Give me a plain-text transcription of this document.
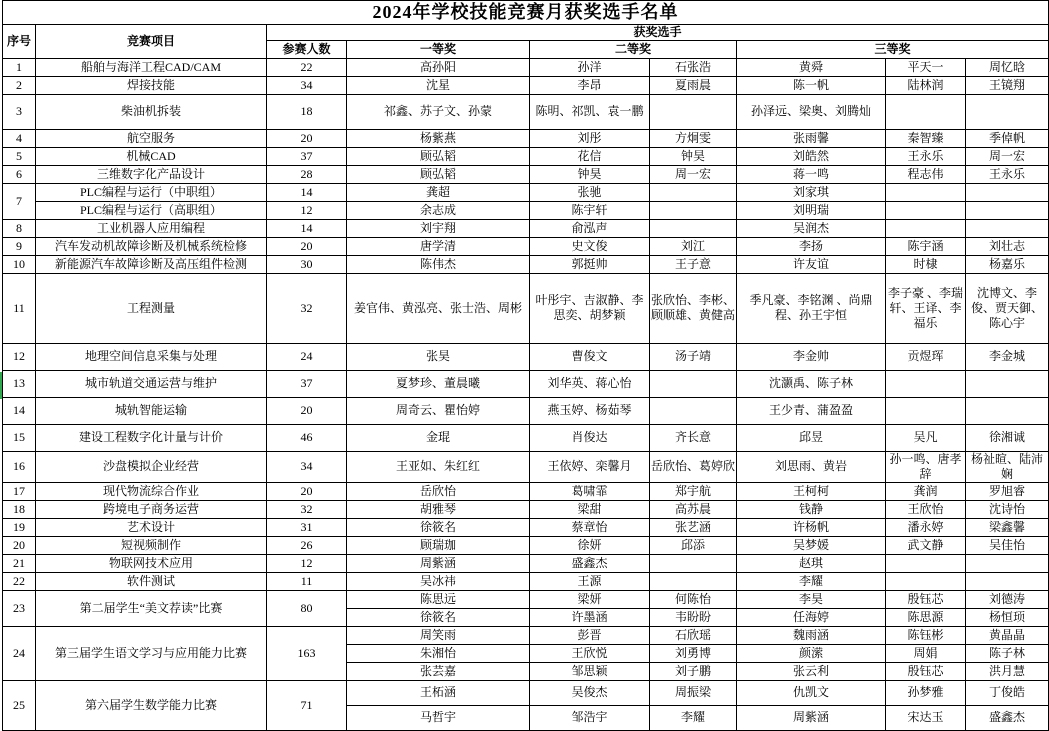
2024年学校技能竞赛月获奖选手名单								
序号	竞赛项目	获奖选手						
		参赛人数	一等奖	二等奖		三等奖		
1	船舶与海洋工程CAD/CAM	22	高孙阳	孙洋	石张浩	黄舜	平天一	周忆晗
2	焊接技能	34	沈星	李昂	夏雨晨	陈一帆	陆林润	王镜翔
3	柴油机拆装	18	祁鑫、苏子文、孙蒙	陈明、祁凯、袁一鹏		孙泽远、梁奥、刘腾灿		
4	航空服务	20	杨紫燕	刘彤	方炯雯	张雨馨	秦智臻	季倬帆
5	机械CAD	37	顾弘韬	花信	钟昊	刘皓然	王永乐	周一宏
6	三维数字化产品设计	28	顾弘韬	钟昊	周一宏	蒋一鸣	程志伟	王永乐
7	PLC编程与运行（中职组）	14	龚超	张驰		刘家琪		
	PLC编程与运行（高职组）	12	余志成	陈宇轩		刘明瑞		
8	工业机器人应用编程	14	刘宇翔	俞泓声		吴润杰		
9	汽车发动机故障诊断及机械系统检修	20	唐学清	史文俊	刘江	李扬	陈宇涵	刘壮志
10	新能源汽车故障诊断及高压组件检测	30	陈伟杰	郭挺帅	王子意	许友谊	时棣	杨嘉乐
11	工程测量	32	姜官伟、黄泓亮、张士浩、周彬	叶彤宇、吉淑静、李思奕、胡梦颖	张欣怡、李彬、顾顺雄、黄健高	季凡豪、李铭渊 、尚鼎程、孙王宇恒	李子豪 、李瑞轩、王译、李福乐	沈博文、李俊、贾天御、陈心宇
12	地理空间信息采集与处理	24	张昊	曹俊文	汤子靖	李金帅	贡煜珲	李金城
13	城市轨道交通运营与维护	37	夏梦珍、董晨曦	刘华英、蒋心怡		沈灏禹、陈子林		
14	城轨智能运输	20	周奇云、瞿怡婷	燕玉婷、杨茹琴		王少青、蒲盈盈		
15	建设工程数字化计量与计价	46	金琨	肖俊达	齐长意	邱昱	吴凡	徐湘诚
16	沙盘模拟企业经营	34	王亚如、朱红红	王依婷、栾馨月	岳欣怡、葛婷欣	刘思雨、黄岩	孙一鸣、唐孝辞	杨祉暄、陆沛娴
17	现代物流综合作业	20	岳欣怡	葛啸霏	郑宇航	王柯柯	龚润	罗旭睿
18	跨境电子商务运营	32	胡雅琴	梁甜	高苏晨	钱静	王欣怡	沈诗怡
19	艺术设计	31	徐筱名	蔡章怡	张艺涵	许杨帆	潘永婷	梁鑫馨
20	短视频制作	26	顾瑞珈	徐妍	邱添	吴梦媛	武文静	吴佳怡
21	物联网技术应用	12	周紫涵	盛鑫杰		赵琪		
22	软件测试	11	吴冰祎	王源		李耀		
23	第二届学生“美文荐读”比赛	80	陈思远	梁妍	何陈怡	李昊	殷钰芯	刘德涛
			徐筱名	许墨涵	韦盼盼	任海婷	陈思源	杨恒顼
24	第三届学生语文学习与应用能力比赛	163	周笑雨	彭晋	石欣瑶	魏雨涵	陈钰彬	黄晶晶
			朱湘怡	王欣悦	刘勇博	颜潆	周娟	陈子林
			张芸嘉	邹思颖	刘子鹏	张云利	殷钰芯	洪月慧
25	第六届学生数学能力比赛	71	王柘涵	吴俊杰	周振梁	仇凯文	孙梦雅	丁俊皓
			马哲宇	邹浩宇	李耀	周紫涵	宋达玉	盛鑫杰
